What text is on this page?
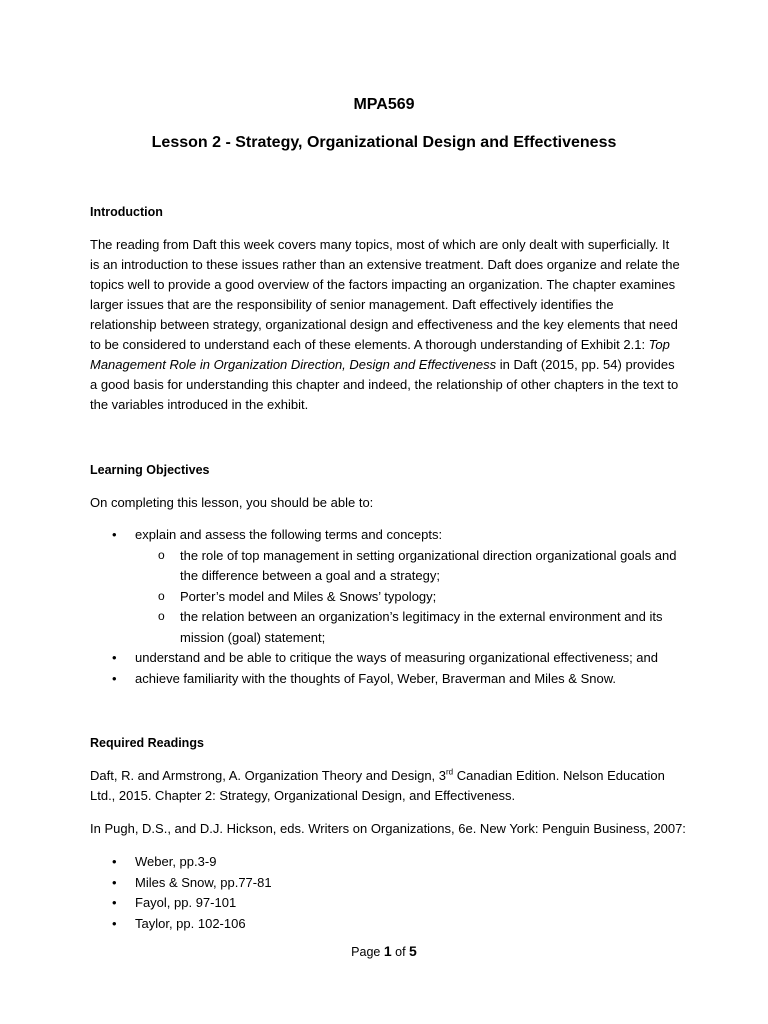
MPA569
Lesson 2 - Strategy, Organizational Design and Effectiveness
Introduction
The reading from Daft this week covers many topics, most of which are only dealt with superficially. It is an introduction to these issues rather than an extensive treatment. Daft does organize and relate the topics well to provide a good overview of the factors impacting an organization. The chapter examines larger issues that are the responsibility of senior management. Daft effectively identifies the relationship between strategy, organizational design and effectiveness and the key elements that need to be considered to understand each of these elements. A thorough understanding of Exhibit 2.1: Top Management Role in Organization Direction, Design and Effectiveness in Daft (2015, pp. 54) provides a good basis for understanding this chapter and indeed, the relationship of other chapters in the text to the variables introduced in the exhibit.
Learning Objectives
On completing this lesson, you should be able to:
• explain and assess the following terms and concepts:
o the role of top management in setting organizational direction organizational goals and the difference between a goal and a strategy;
o Porter’s model and Miles & Snows’ typology;
o the relation between an organization’s legitimacy in the external environment and its mission (goal) statement;
• understand and be able to critique the ways of measuring organizational effectiveness; and
• achieve familiarity with the thoughts of Fayol, Weber, Braverman and Miles & Snow.
Required Readings
Daft, R. and Armstrong, A. Organization Theory and Design, 3rd Canadian Edition. Nelson Education Ltd., 2015. Chapter 2: Strategy, Organizational Design, and Effectiveness.
In Pugh, D.S., and D.J. Hickson, eds. Writers on Organizations, 6e. New York: Penguin Business, 2007:
• Weber, pp.3-9
• Miles & Snow, pp.77-81
• Fayol, pp. 97-101
• Taylor, pp. 102-106
Page 1 of 5
